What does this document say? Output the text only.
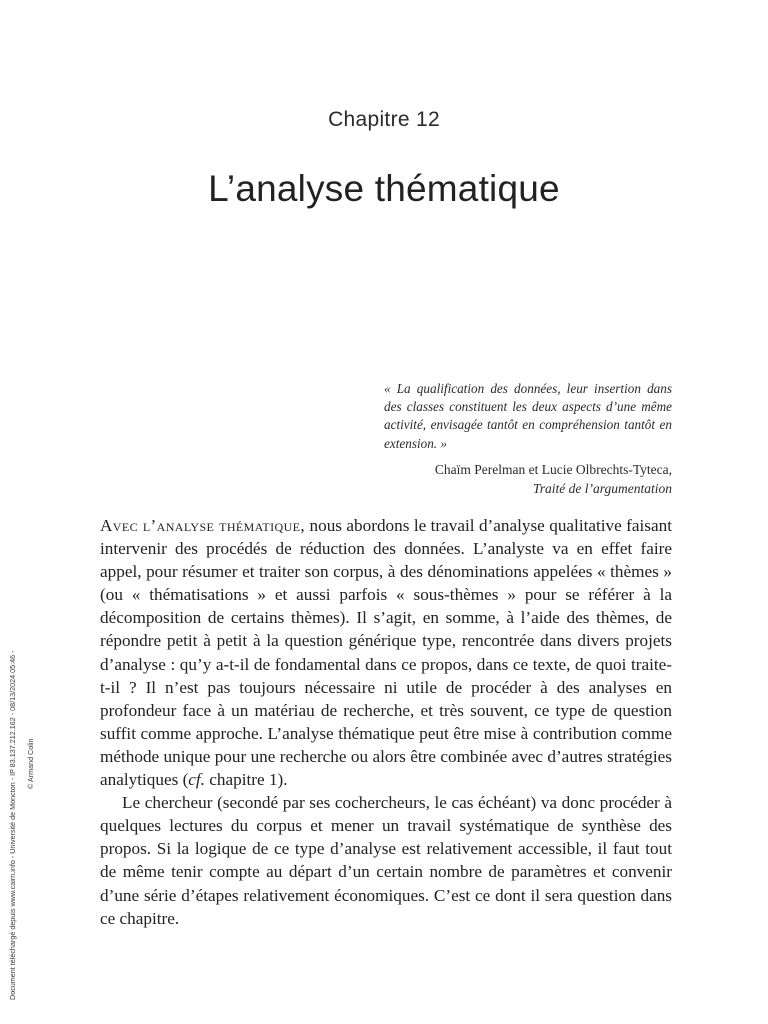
Chapitre 12
L’analyse thématique
« La qualification des données, leur insertion dans des classes constituent les deux aspects d’une même activité, envisagée tantôt en compréhension tantôt en extension. »
Chaïm Perelman et Lucie Olbrechts-Tyteca,
Traité de l’argumentation

Avec l’analyse thématique, nous abordons le travail d’analyse qualitative faisant intervenir des procédés de réduction des données. L’analyste va en effet faire appel, pour résumer et traiter son corpus, à des dénominations appelées « thèmes » (ou « thématisations » et aussi parfois « sous-thèmes » pour se référer à la décomposition de certains thèmes). Il s’agit, en somme, à l’aide des thèmes, de répondre petit à petit à la question générique type, rencontrée dans divers projets d’analyse : qu’y a-t-il de fondamental dans ce propos, dans ce texte, de quoi traite-t-il ? Il n’est pas toujours nécessaire ni utile de procéder à des analyses en profondeur face à un matériau de recherche, et très souvent, ce type de question suffit comme approche. L’analyse thématique peut être mise à contribution comme méthode unique pour une recherche ou alors être combinée avec d’autres stratégies analytiques (cf. chapitre 1).

Le chercheur (secondé par ses cochercheurs, le cas échéant) va donc procéder à quelques lectures du corpus et mener un travail systématique de synthèse des propos. Si la logique de ce type d’analyse est relativement accessible, il faut tout de même tenir compte au départ d’un certain nombre de paramètres et convenir d’une série d’étapes relativement économiques. C’est ce dont il sera question dans ce chapitre.

Document téléchargé depuis www.cairn.info - Université de Moncton - IP 83.137.212.162 - 08/13/2024 05:46 - © Armand Colin
